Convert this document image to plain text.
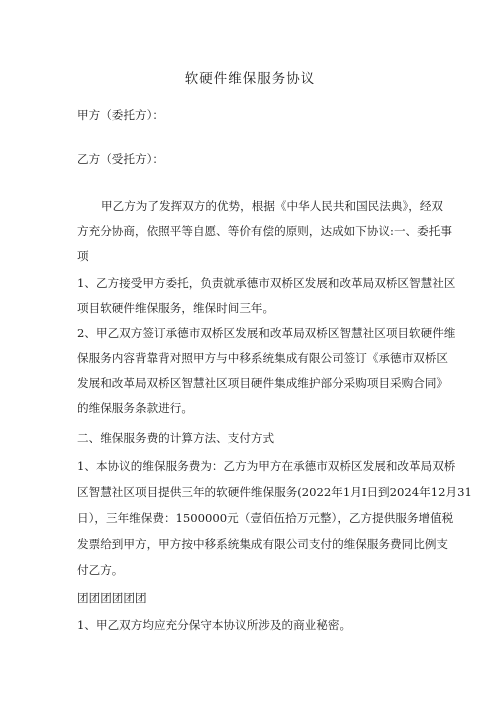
软硬件维保服务协议
甲方（委托方）：
乙方（受托方）：
甲乙方为了发挥双方的优势，根据《中华人民共和国民法典》，经双
方充分协商，依照平等自愿、等价有偿的原则，达成如下协议:一、委托事
项
1、乙方接受甲方委托，负责就承德市双桥区发展和改革局双桥区智慧社区
项目软硬件维保服务，维保时间三年。
2、甲乙双方签订承德市双桥区发展和改革局双桥区智慧社区项目软硬件维
保服务内容背靠背对照甲方与中移系统集成有限公司签订《承德市双桥区
发展和改革局双桥区智慧社区项目硬件集成维护部分采购项目采购合同》
的维保服务条款进行。
二、维保服务费的计算方法、支付方式
1、本协议的维保服务费为：乙方为甲方在承德市双桥区发展和改革局双桥
区智慧社区项目提供三年的软硬件维保服务(2022年1月I日到2024年12月31
日），三年维保费：1500000元（壹佰伍拾万元整），乙方提供服务增值税
发票给到甲方，甲方按中移系统集成有限公司支付的维保服务费同比例支
付乙方。
团团团团团团
1、甲乙双方均应充分保守本协议所涉及的商业秘密。
